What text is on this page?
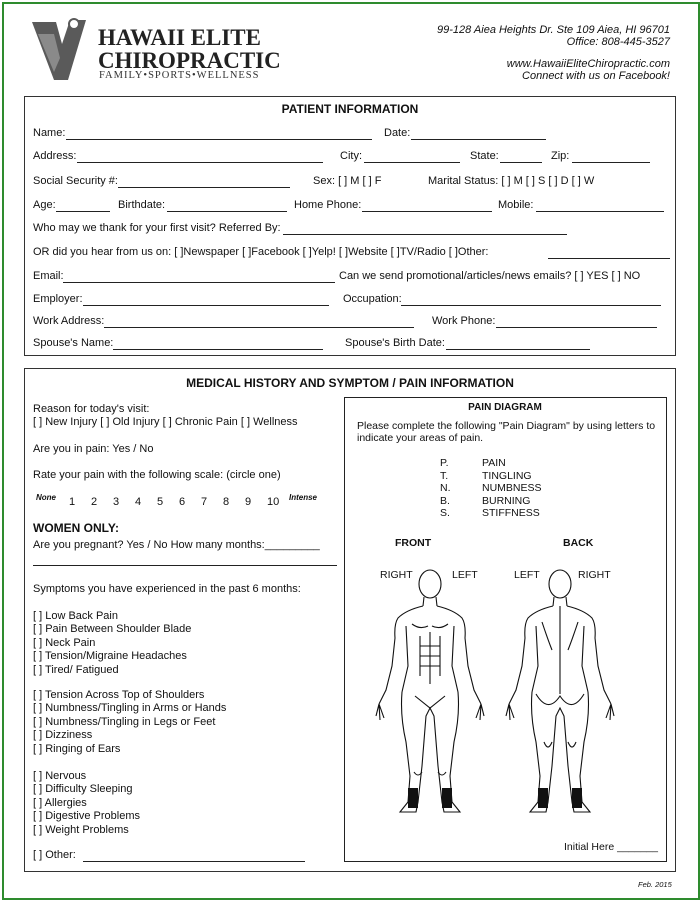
HAWAII ELITE
CHIROPRACTIC
FAMILY•SPORTS•WELLNESS
99-128 Aiea Heights Dr. Ste 109 Aiea, HI 96701
Office: 808-445-3527
www.HawaiiEliteChiropractic.com
Connect with us on Facebook!
PATIENT INFORMATION
Name:	Date:
Address:	City:	State:	Zip:
Social Security #:	Sex: [ ] M [ ] F	Marital Status: [ ] M [ ] S [ ] D [ ] W
Age:	Birthdate:	Home Phone:	Mobile:
Who may we thank for your first visit? Referred By:
OR did you hear from us on: [ ]Newspaper [ ]Facebook [ ]Yelp! [ ]Website [ ]TV/Radio [ ]Other:
Email:	Can we send promotional/articles/news emails? [ ] YES [ ] NO
Employer:	Occupation:
Work Address:	Work Phone:
Spouse's Name:	Spouse's Birth Date:
MEDICAL HISTORY AND SYMPTOM / PAIN INFORMATION
Reason for today's visit:
[ ] New Injury [ ] Old Injury [ ] Chronic Pain [ ] Wellness
Are you in pain: Yes / No
Rate your pain with the following scale: (circle one)
None 1 2 3 4 5 6 7 8 9 10	Intense
WOMEN ONLY:
Are you pregnant? Yes / No How many months:_________
Symptoms you have experienced in the past 6 months:
[ ] Low Back Pain
[ ] Pain Between Shoulder Blade
[ ] Neck Pain
[ ] Tension/Migraine Headaches
[ ] Tired/ Fatigued
[ ] Tension Across Top of Shoulders
[ ] Numbness/Tingling in Arms or Hands
[ ] Numbness/Tingling in Legs or Feet
[ ] Dizziness
[ ] Ringing of Ears
[ ] Nervous
[ ] Difficulty Sleeping
[ ] Allergies
[ ] Digestive Problems
[ ] Weight Problems
[ ] Other:
PAIN DIAGRAM
Please complete the following "Pain Diagram" by using letters to
indicate your areas of pain.
P.	PAIN
T.	TINGLING
N.	NUMBNESS
B.	BURNING
S.	STIFFNESS
FRONT	BACK
RIGHT	LEFT	LEFT	RIGHT
Initial Here _______
Feb. 2015
